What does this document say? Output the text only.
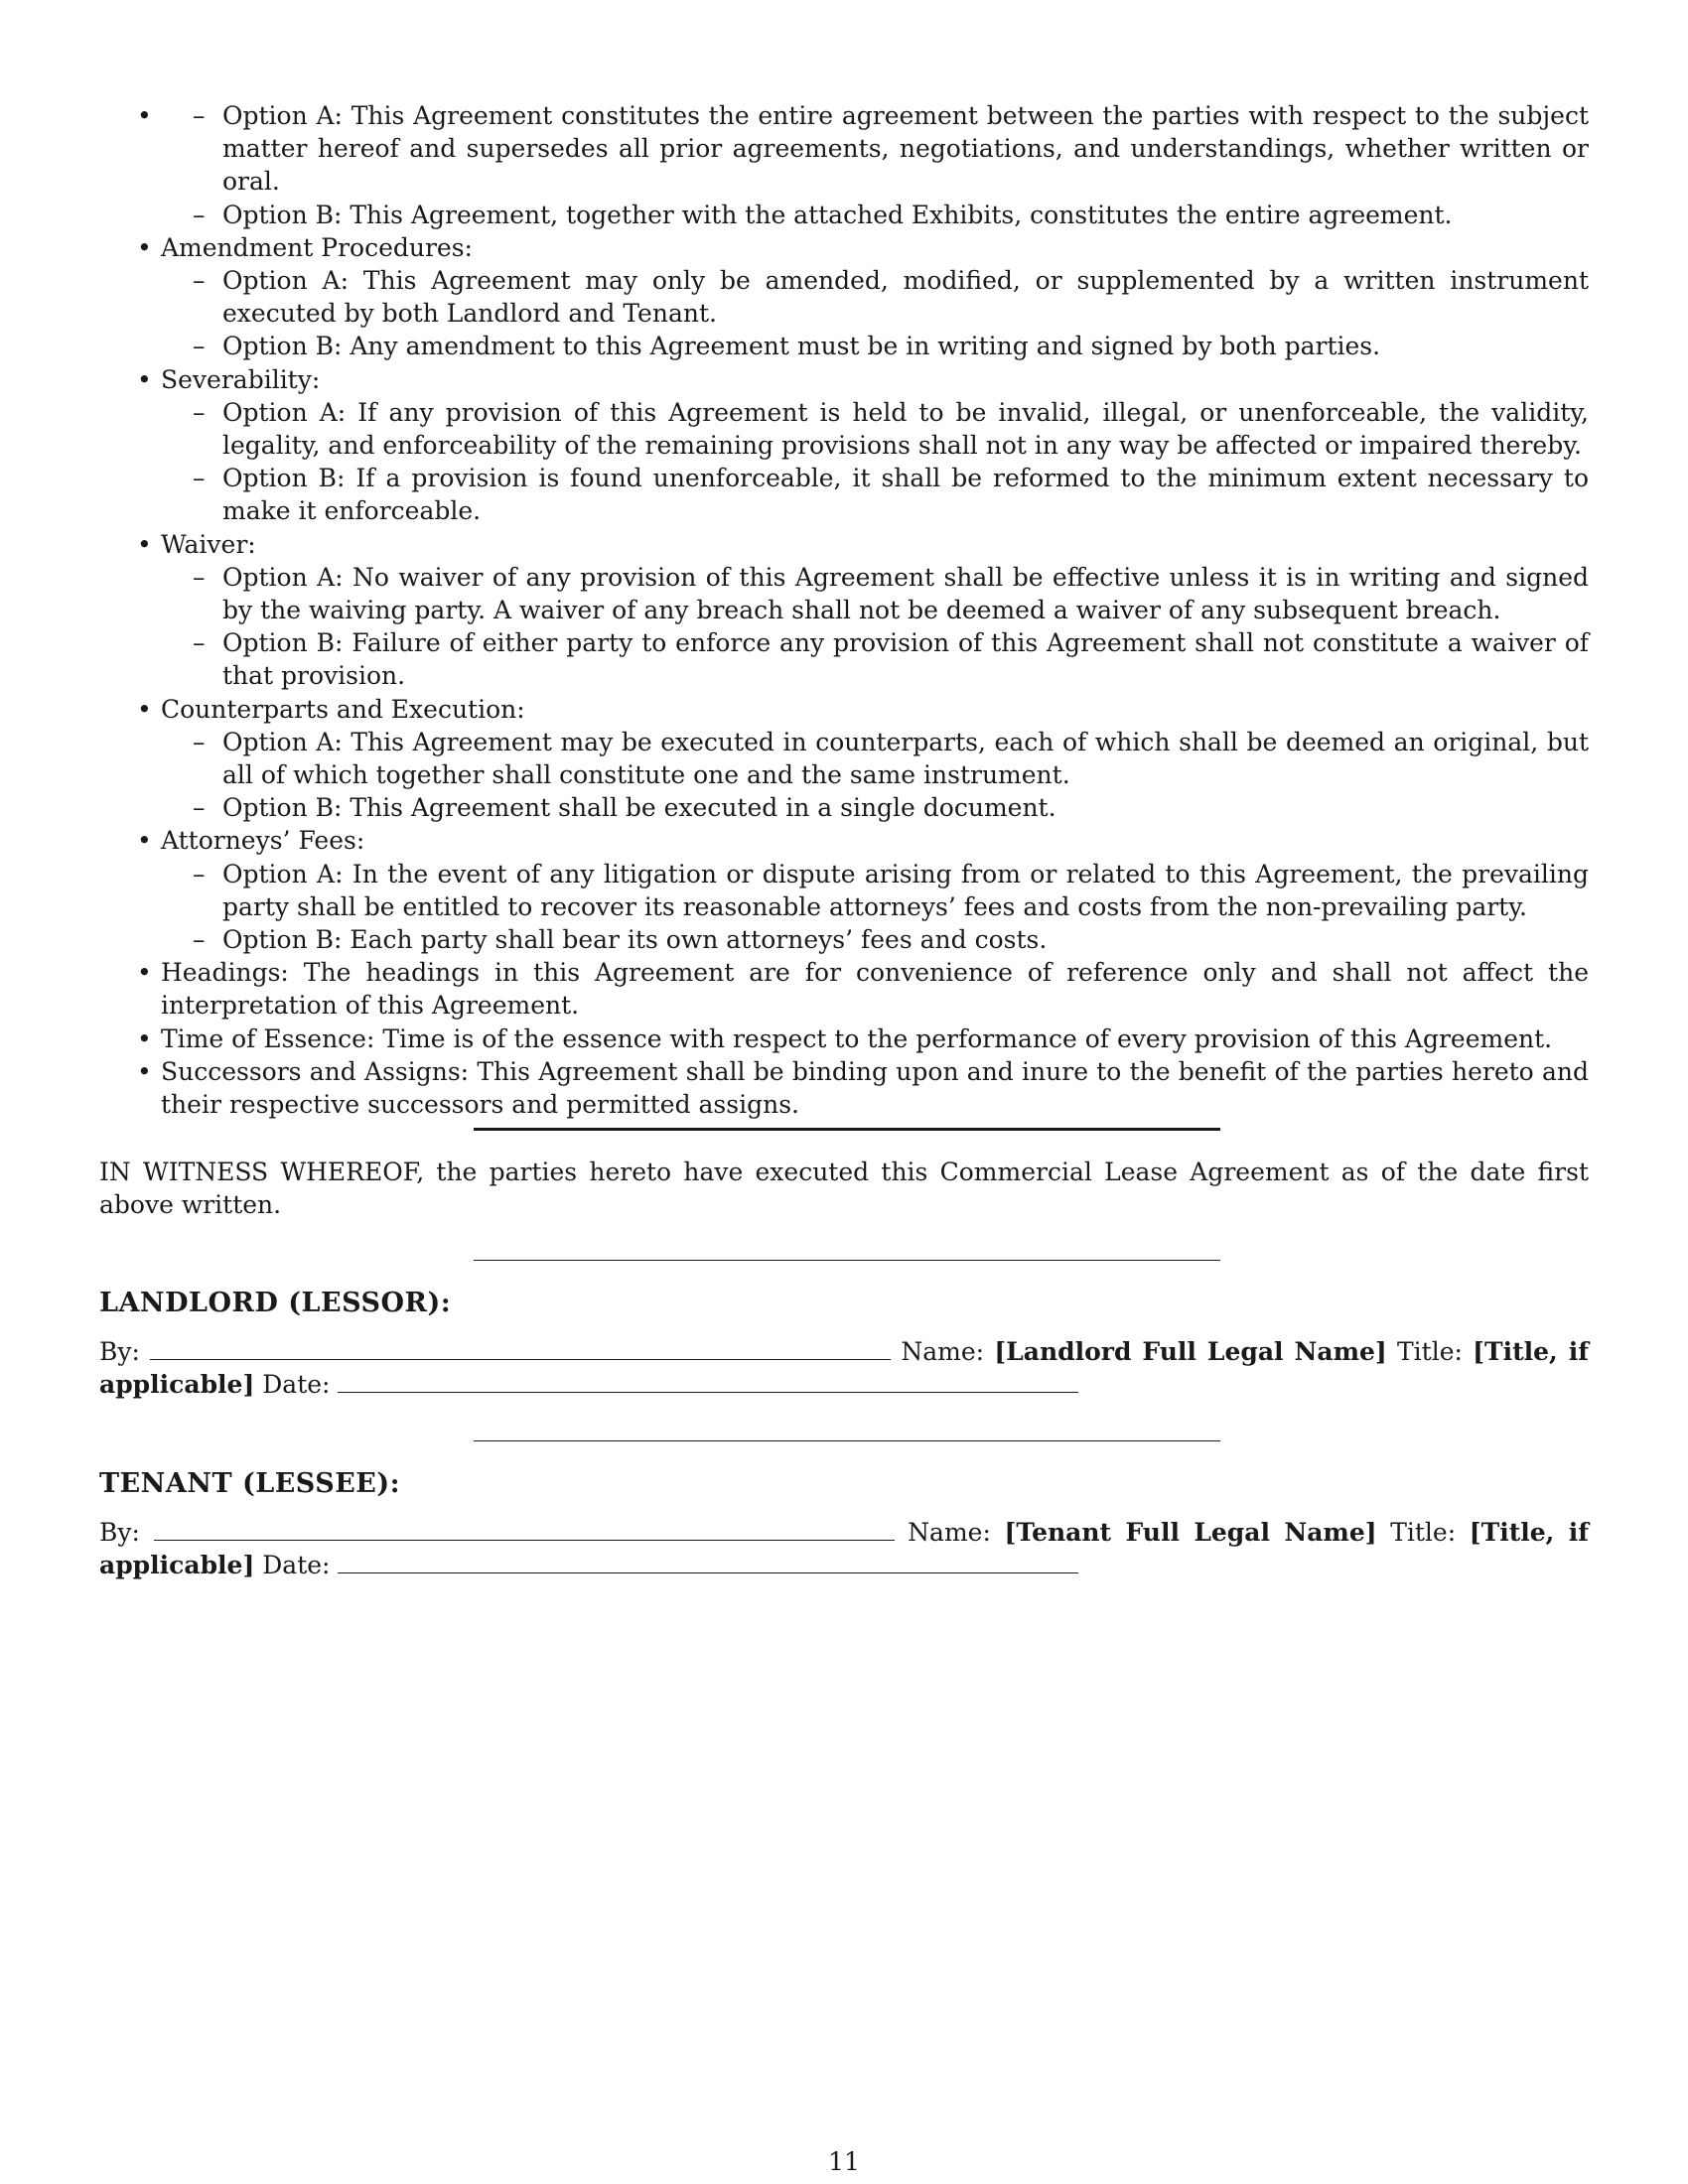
– • Option A: This Agreement constitutes the entire agreement between the parties with respect to the subject matter hereof and supersedes all prior agreements, negotiations, and understandings, whether written or oral.
– Option B: This Agreement, together with the attached Exhibits, constitutes the entire agreement.
• Amendment Procedures:
– Option A: This Agreement may only be amended, modified, or supplemented by a written instrument executed by both Landlord and Tenant.
– Option B: Any amendment to this Agreement must be in writing and signed by both parties.
• Severability:
– Option A: If any provision of this Agreement is held to be invalid, illegal, or unenforceable, the validity, legality, and enforceability of the remaining provisions shall not in any way be affected or impaired thereby.
– Option B: If a provision is found unenforceable, it shall be reformed to the minimum extent necessary to make it enforceable.
• Waiver:
– Option A: No waiver of any provision of this Agreement shall be effective unless it is in writing and signed by the waiving party. A waiver of any breach shall not be deemed a waiver of any subsequent breach.
– Option B: Failure of either party to enforce any provision of this Agreement shall not constitute a waiver of that provision.
• Counterparts and Execution:
– Option A: This Agreement may be executed in counterparts, each of which shall be deemed an original, but all of which together shall constitute one and the same instrument.
– Option B: This Agreement shall be executed in a single document.
• Attorneys’ Fees:
– Option A: In the event of any litigation or dispute arising from or related to this Agreement, the prevailing party shall be entitled to recover its reasonable attorneys’ fees and costs from the non-prevailing party.
– Option B: Each party shall bear its own attorneys’ fees and costs.
• Headings: The headings in this Agreement are for convenience of reference only and shall not affect the interpretation of this Agreement.
• Time of Essence: Time is of the essence with respect to the performance of every provision of this Agreement.
• Successors and Assigns: This Agreement shall be binding upon and inure to the benefit of the parties hereto and their respective successors and permitted assigns.
IN WITNESS WHEREOF, the parties hereto have executed this Commercial Lease Agreement as of the date first above written.
LANDLORD (LESSOR):
By:	Name: [Landlord Full Legal Name] Title: [Title, if applicable] Date:
TENANT (LESSEE):
By:	Name: [Tenant Full Legal Name] Title: [Title, if applicable] Date:
11
